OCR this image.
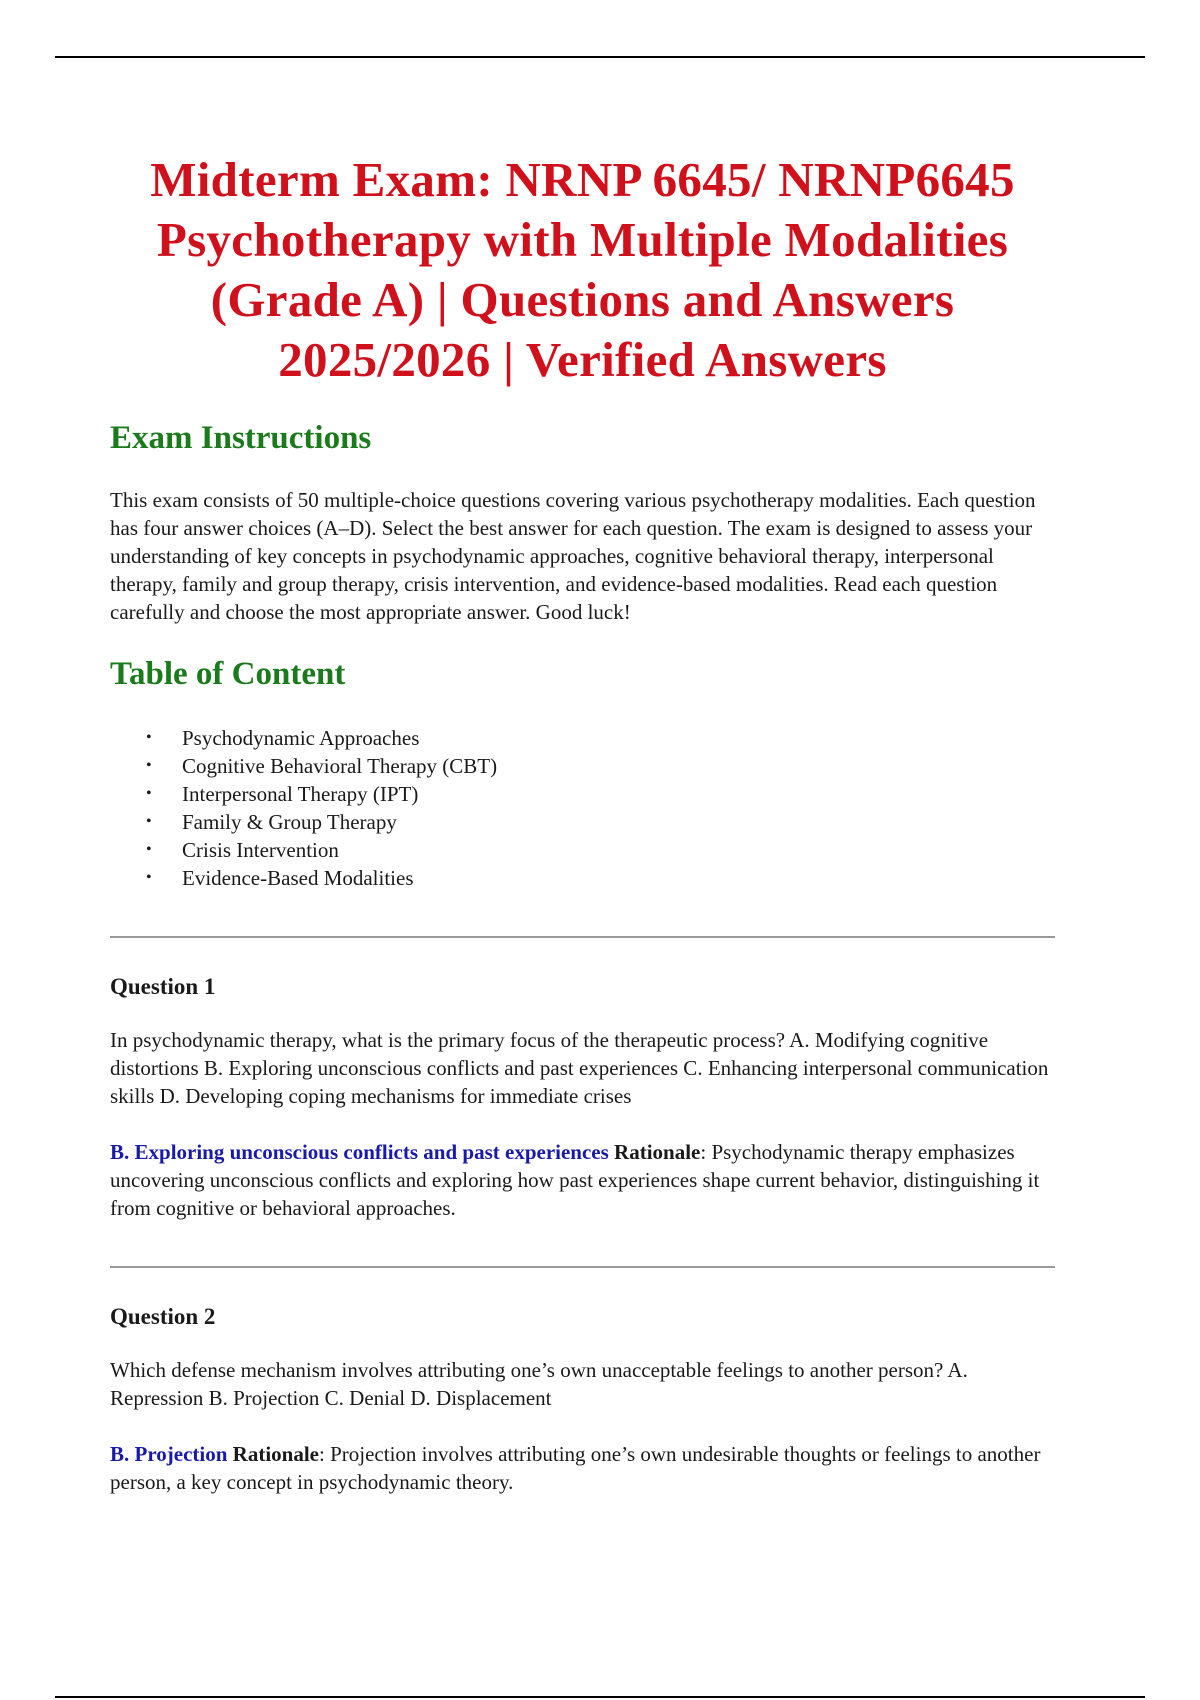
Midterm Exam: NRNP 6645/ NRNP6645
Psychotherapy with Multiple Modalities
(Grade A) | Questions and Answers
2025/2026 | Verified Answers
Exam Instructions

This exam consists of 50 multiple-choice questions covering various psychotherapy modalities. Each question has four answer choices (A–D). Select the best answer for each question. The exam is designed to assess your understanding of key concepts in psychodynamic approaches, cognitive behavioral therapy, interpersonal therapy, family and group therapy, crisis intervention, and evidence-based modalities. Read each question carefully and choose the most appropriate answer. Good luck!

Table of Content
• Psychodynamic Approaches
• Cognitive Behavioral Therapy (CBT)
• Interpersonal Therapy (IPT)
• Family & Group Therapy
• Crisis Intervention
• Evidence-Based Modalities
Question 1

In psychodynamic therapy, what is the primary focus of the therapeutic process? A. Modifying cognitive distortions B. Exploring unconscious conflicts and past experiences C. Enhancing interpersonal communication skills D. Developing coping mechanisms for immediate crises

B. Exploring unconscious conflicts and past experiences Rationale: Psychodynamic therapy emphasizes uncovering unconscious conflicts and exploring how past experiences shape current behavior, distinguishing it from cognitive or behavioral approaches.

Question 2

Which defense mechanism involves attributing one’s own unacceptable feelings to another person? A. Repression B. Projection C. Denial D. Displacement

B. Projection Rationale: Projection involves attributing one’s own undesirable thoughts or feelings to another person, a key concept in psychodynamic theory.
